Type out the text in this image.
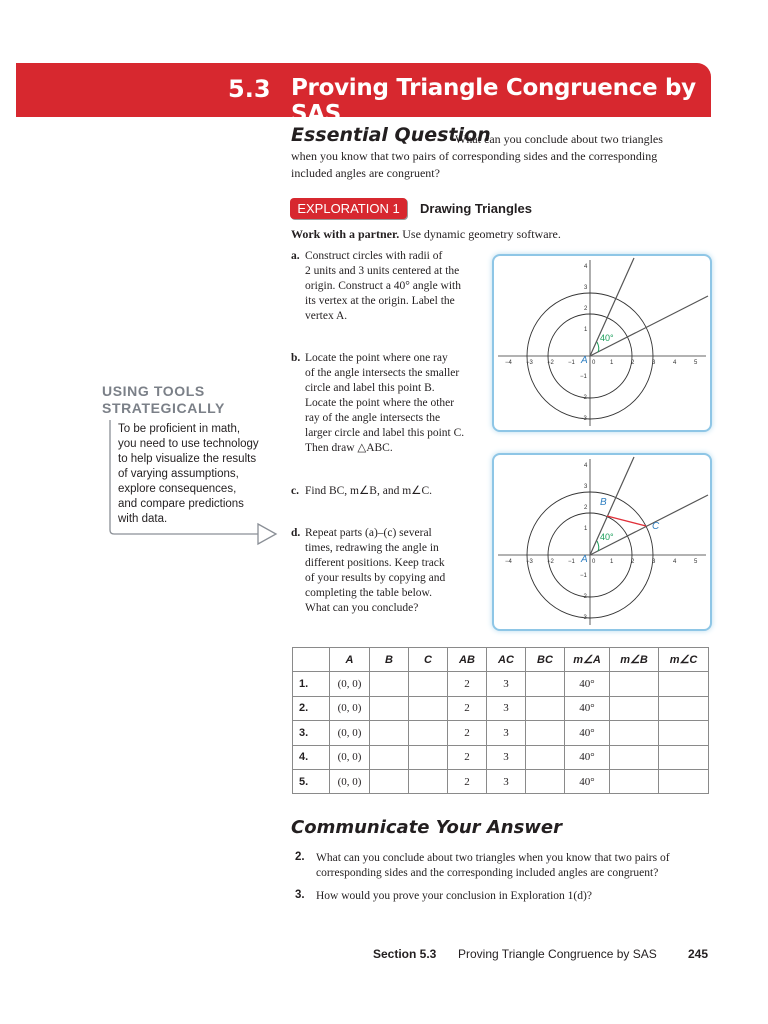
5.3 Proving Triangle Congruence by SAS
Essential Question
What can you conclude about two triangles
when you know that two pairs of corresponding sides and the corresponding
included angles are congruent?
EXPLORATION 1	Drawing Triangles
Work with a partner. Use dynamic geometry software.
a. Construct circles with radii of
2 units and 3 units centered at the
origin. Construct a 40° angle with
its vertex at the origin. Label the
vertex A.
b. Locate the point where one ray
of the angle intersects the smaller
circle and label this point B.
Locate the point where the other
ray of the angle intersects the
larger circle and label this point C.
Then draw △ABC.
c. Find BC, m∠B, and m∠C.
d. Repeat parts (a)–(c) several
times, redrawing the angle in
different positions. Keep track
of your results by copying and
completing the table below.
What can you conclude?
USING TOOLS
STRATEGICALLY
To be proficient in math,
you need to use technology
to help visualize the results
of varying assumptions,
explore consequences,
and compare predictions
with data.
40°
A
−4 −3 −2 −1	0 1	2	3	4	5
4
3
2
1
−1
−2
−3
40°
A
B
C
−4 −3 −2 −1	0 1	2	3	4	5
4
3
2
1
−1
−2
−3
	A	B	C	AB	AC	BC	m∠A	m∠B	m∠C
1.	(0, 0)			2	3		40°		
2.	(0, 0)			2	3		40°		
3.	(0, 0)			2	3		40°		
4.	(0, 0)			2	3		40°		
5.	(0, 0)			2	3		40°		
Communicate Your Answer
2. What can you conclude about two triangles when you know that two pairs of
corresponding sides and the corresponding included angles are congruent?
3. How would you prove your conclusion in Exploration 1(d)?
Section 5.3 Proving Triangle Congruence by SAS	245
